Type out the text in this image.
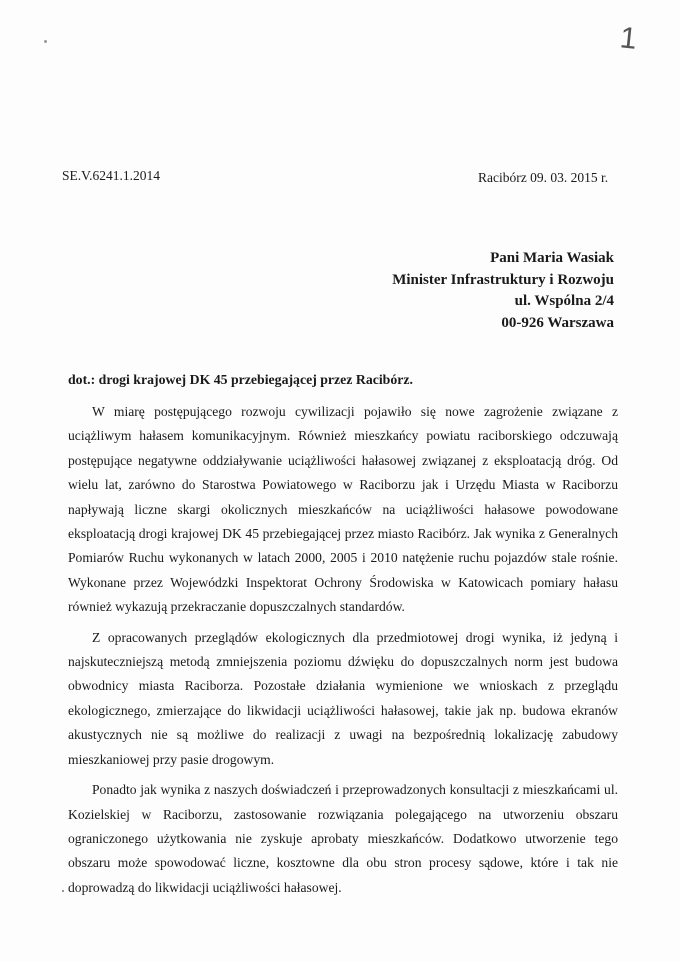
1
SE.V.6241.1.2014	Racibórz 09. 03. 2015 r.
Pani Maria Wasiak
Minister Infrastruktury i Rozwoju
ul. Wspólna 2/4
00-926 Warszawa
dot.: drogi krajowej DK 45 przebiegającej przez Racibórz.

W miarę postępującego rozwoju cywilizacji pojawiło się nowe zagrożenie związane z uciążliwym hałasem komunikacyjnym. Również mieszkańcy powiatu raciborskiego odczuwają postępujące negatywne oddziaływanie uciążliwości hałasowej związanej z eksploatacją dróg. Od wielu lat, zarówno do Starostwa Powiatowego w Raciborzu jak i Urzędu Miasta w Raciborzu napływają liczne skargi okolicznych mieszkańców na uciążliwości hałasowe powodowane eksploatacją drogi krajowej DK 45 przebiegającej przez miasto Racibórz. Jak wynika z Generalnych Pomiarów Ruchu wykonanych w latach 2000, 2005 i 2010 natężenie ruchu pojazdów stale rośnie. Wykonane przez Wojewódzki Inspektorat Ochrony Środowiska w Katowicach pomiary hałasu również wykazują przekraczanie dopuszczalnych standardów.

Z opracowanych przeglądów ekologicznych dla przedmiotowej drogi wynika, iż jedyną i najskuteczniejszą metodą zmniejszenia poziomu dźwięku do dopuszczalnych norm jest budowa obwodnicy miasta Raciborza. Pozostałe działania wymienione we wnioskach z przeglądu ekologicznego, zmierzające do likwidacji uciążliwości hałasowej, takie jak np. budowa ekranów akustycznych nie są możliwe do realizacji z uwagi na bezpośrednią lokalizację zabudowy mieszkaniowej przy pasie drogowym.

Ponadto jak wynika z naszych doświadczeń i przeprowadzonych konsultacji z mieszkańcami ul. Kozielskiej w Raciborzu, zastosowanie rozwiązania polegającego na utworzeniu obszaru ograniczonego użytkowania nie zyskuje aprobaty mieszkańców. Dodatkowo utworzenie tego obszaru może spowodować liczne, kosztowne dla obu stron procesy sądowe, które i tak nie doprowadzą do likwidacji uciążliwości hałasowej.
